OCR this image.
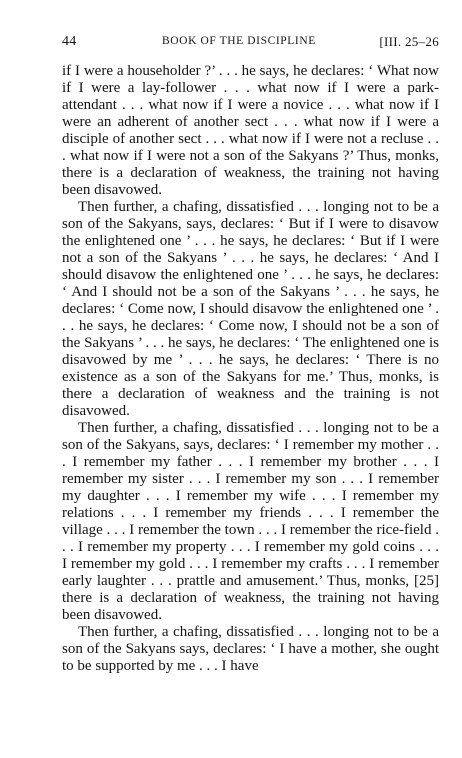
44	BOOK OF THE DISCIPLINE	[III. 25–26

if I were a householder ?’ . . . he says, he declares: ‘ What now if I were a lay-follower . . . what now if I were a park-attendant . . . what now if I were a novice . . . what now if I were an adherent of another sect . . . what now if I were a disciple of another sect . . . what now if I were not a recluse . . . what now if I were not a son of the Sakyans ?’ Thus, monks, there is a declaration of weakness, the training not having been disavowed.

Then further, a chafing, dissatisfied . . . longing not to be a son of the Sakyans, says, declares: ‘ But if I were to disavow the enlightened one ’ . . . he says, he declares: ‘ But if I were not a son of the Sakyans ’ . . . he says, he declares: ‘ And I should disavow the enlightened one ’ . . . he says, he declares: ‘ And I should not be a son of the Sakyans ’ . . . he says, he declares: ‘ Come now, I should disavow the enlightened one ’ . . . he says, he declares: ‘ Come now, I should not be a son of the Sakyans ’ . . . he says, he declares: ‘ The enlightened one is disavowed by me ’ . . . he says, he declares: ‘ There is no existence as a son of the Sakyans for me.’ Thus, monks, is there a declaration of weakness and the training is not disavowed.

Then further, a chafing, dissatisfied . . . longing not to be a son of the Sakyans, says, declares: ‘ I remember my mother . . . I remember my father . . . I remember my brother . . . I remember my sister . . . I remember my son . . . I remember my daughter . . . I remember my wife . . . I remember my relations . . . I remember my friends . . . I remember the village . . . I remember the town . . . I remember the rice-field . . . I remember my property . . . I remember my gold coins . . . I remember my gold . . . I remember my crafts . . . I remember early laughter . . . prattle and amusement.’ Thus, monks, [25] there is a declaration of weakness, the training not having been disavowed.

Then further, a chafing, dissatisfied . . . longing not to be a son of the Sakyans says, declares: ‘ I have a mother, she ought to be supported by me . . . I have
